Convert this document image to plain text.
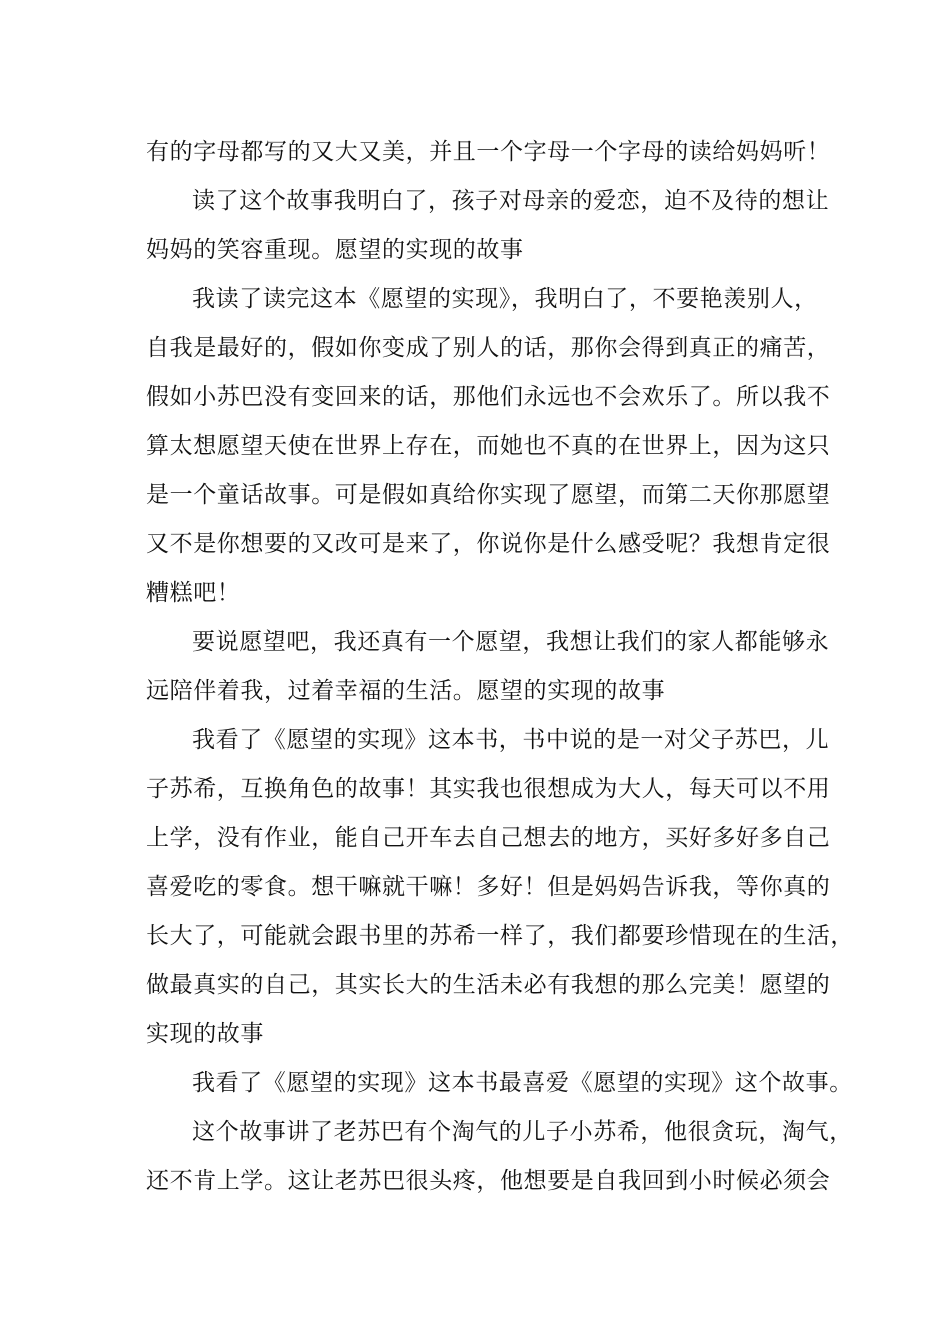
有的字母都写的又大又美，并且一个字母一个字母的读给妈妈听！
读了这个故事我明白了，孩子对母亲的爱恋，迫不及待的想让
妈妈的笑容重现。愿望的实现的故事
我读了读完这本《愿望的实现》，我明白了，不要艳羡别人，
自我是最好的，假如你变成了别人的话，那你会得到真正的痛苦，
假如小苏巴没有变回来的话，那他们永远也不会欢乐了。所以我不
算太想愿望天使在世界上存在，而她也不真的在世界上，因为这只
是一个童话故事。可是假如真给你实现了愿望，而第二天你那愿望
又不是你想要的又改可是来了，你说你是什么感受呢？我想肯定很
糟糕吧！
要说愿望吧，我还真有一个愿望，我想让我们的家人都能够永
远陪伴着我，过着幸福的生活。愿望的实现的故事
我看了《愿望的实现》这本书，书中说的是一对父子苏巴，儿
子苏希，互换角色的故事！其实我也很想成为大人，每天可以不用
上学，没有作业，能自己开车去自己想去的地方，买好多好多自己
喜爱吃的零食。想干嘛就干嘛！多好！但是妈妈告诉我，等你真的
长大了，可能就会跟书里的苏希一样了，我们都要珍惜现在的生活，
做最真实的自己，其实长大的生活未必有我想的那么完美！愿望的
实现的故事
我看了《愿望的实现》这本书最喜爱《愿望的实现》这个故事。
这个故事讲了老苏巴有个淘气的儿子小苏希，他很贪玩，淘气，
还不肯上学。这让老苏巴很头疼，他想要是自我回到小时候必须会
